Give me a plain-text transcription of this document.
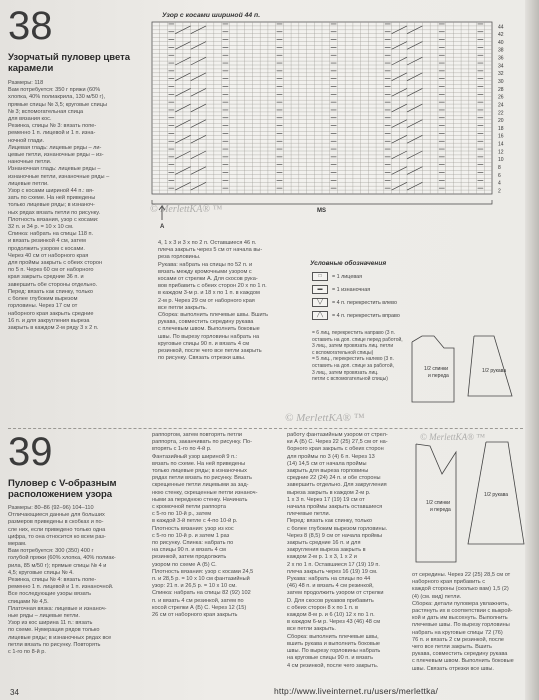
38
Узорчатый пуловер цвета
карамели
Размеры: 118
Вам потребуется: 350 г пряжи (60%
хлопка, 40% полиакрила, 130 м/50 г),
прямые спицы № 3,5; круговые спицы
№ 3; вспомогательная спица
для вязания кос.
Резинка, спицы № 3: вязать попе-
ременно 1 п. лицевой и 1 п. изна-
ночной глади.
Лицевая гладь: лицевые ряды – ли-
цевые петли, изнаночные ряды – из-
наночные петли.
Изнаночная гладь: лицевые ряды –
изнаночные петли, изнаночные ряды –
лицевые петли.
Узор с косами шириной 44 п.: вя-
зать по схеме. На ней приведены
только лицевые ряды; в изнаноч-
ных рядах вязать петли по рисунку.
Плотность вязания, узор с косами:
32 п. и 34 р. = 10 х 10 см.
Спинка: набрать на спицы 118 п.
и вязать резинкой 4 см, затем
продолжить узором с косами.
Через 40 см от наборного края
для проймы закрыть с обеих сторон
по 5 п. Через 60 см от наборного
края закрыть средние 36 п. и
завершить обе стороны отдельно.
Перед: вязать как спинку, только
с более глубоким вырезом
горловины. Через 17 см от
наборного края закрыть средние
16 п. и для закругления выреза
закрыть в каждом 2-м ряду 3 х 2 п.
Узор с косами шириной 44 п.
44
42
40
38
36
34
32
30
28
26
24
22
20
18
16
14
12
10
8
6
4
2
MS
A
© MerlettKA® ™
4, 1 х 3 и 3 х по 2 п. Оставшиеся 46 п.
плеча закрыть через 5 см от начала вы-
реза горловины.
Рукава: набрать на спицы по 52 п. и
вязать между кромочными узором с
косами от стрелки А. Для скосов рука-
вов прибавить с обеих сторон 20 х по 1 п.
в каждом 3-м р. и 18 х по 1 п. в каждом
2-м р. Через 29 см от наборного края
все петли закрыть.
Сборка: выполнить плечевые швы. Вшить
рукава, совместить середину рукава
с плечевым швом. Выполнить боковые
швы. По вырезу горловины набрать на
круговые спицы 90 п. и вязать 4 см
резинкой, после чего все петли закрыть
по рисунку. Связать отрезки швы.
Условные обозначения
□	= 1 лицевая
▬	= 1 изнаночная
╲╱	= 4 п. перекрестить влево
╱╲	= 4 п. перекрестить вправо
= 6 лиц, перекрестить направо (3 п.
оставить на доп. спице перед работой,
3 лиц., затем провязать лиц. петли
с вспомогательной спицы)
= 5 лиц., перекрестить налево (3 п.
оставить на доп. спице за работой,
3 лиц., затем провязать лиц.
петли с вспомогательной спицы)
1/2 спинки
и переда
1/2 рукава
© MerlettKA® ™
39
Пуловер с V-образным
расположением узора
Размеры: 80–86 (92–96) 104–110
Отличающиеся данные для больших
размеров приведены в скобках и по-
сле них, если приведено только одна
цифра, то она относится ко всем раз-
мерам.
Вам потребуется: 300 (350) 400 г
голубой пряжи (60% хлопка, 40% полиак-
рила, 85 м/50 г); прямые спицы № 4 и
4,5; круговые спицы № 4.
Резинка, спицы № 4: вязать попе-
ременно 1 п. лицевой и 1 п. изнаночной.
Все последующие узоры вязать
спицами № 4,5.
Платочная вязка: лицевые и изнаноч-
ные ряды – лицевые петли.
Узор из кос ширина 11 п.: вязать
по схеме. Нумерация рядов только
лицевые ряды; в изнаночных рядах все
петли вязать по рисунку. Повторять
с 1-го по 8-й р.
раппортом, затем повторять петли
раппорта, заканчивать по рисунку. По-
вторять с 1-го по 4-й р.
Фантазийный узор шириной 9 п.:
вязать по схеме. На ней приведены
только лицевые ряды; в изнаночных
рядах петли вязать по рисунку. Вязать
скрещенные петли лицевыми за зад-
нюю стенку, скрещенные петли изнаноч-
ными за переднюю стенку. Начинать
с кромочной петли раппорта
с 5-го по 10-й р., затем
в каждой 3-й петле с 4-по 10-й р.
Плотность вязания: узор из кос
с 5-го по 10-й р. и затем 1 раз
по рисунку. Спинка: набрать по
на спицы 90 п. и вязать 4 см
резинкой, затем продолжить
узором по схеме А (Б) С.
Плотность вязания: узор с косами 24,5
п. и 28,5 р. = 10 х 10 см фантазийный
узор: 21 п. и 26,5 р. = 10 х 10 см.
Спинка: набрать на спицы 82 (92) 102
п. и вязать 4 см резинкой, затем по
косой стрелки А (Б) С. Через 12 (15)
26 см от наборного края закрыть
работу фантазийным узором от стрел-
ки А (Б) С. Через 22 (25) 27,5 см от на-
борного края закрыть с обеих сторон
для проймы по 3 (4) 6 п. Через 13
(14) 14,5 см от начала проймы
закрыть для выреза горловины
средние 22 (24) 24 п. и обе стороны
завершить отдельно. Для закругления
выреза закрыть в каждом 2-м р.
1 х 3 п. Через 17 (19) 19 см от
начала проймы закрыть оставшиеся
плечевые петли.
Перед: вязать как спинку, только
с более глубоким вырезом горловины.
Через 8 (8,5) 9 см от начала проймы
закрыть средние 16 п. и для
закругления выреза закрыть в
каждом 2-м р. 1 х 3, 1 х 2 и
2 х по 1 п. Оставшиеся 17 (19) 19 п.
плеча закрыть через 16 (19) 19 см.
Рукава: набрать на спицы по 44
(46) 48 п. и вязать 4 см резинкой,
затем продолжить узором от стрелки
D. Для скосов рукавов прибавить
с обеих сторон 8 х по 1 п. в
каждом 8-м р. и 6 (10) 12 х по 1 п.
в каждом 6-м р. Через 43 (46) 48 см
все петли закрыть.
Сборка: выполнить плечевые швы,
вшить рукава и выполнить боковые
швы. По вырезу горловины набрать
на круговые спицы 90 п. и вязать
4 см резинкой, после чего закрыть.
1/2 спинки
и переда
1/2 рукава
от середины. Через 22 (25) 28,5 см от
наборного края прибавить с
каждой стороны (сколько вам) 1,5 (2)
(4) (см. вид) петли.
Сборка: детали пуловера увлажнить,
растянуть их в соответствии с выкрой-
кой и дать им высохнуть. Выполнить
плечевые швы. По вырезу горловины
набрать на круговые спицы 72 (76)
76 п. и вязать 2 см резинкой, после
чего все петли закрыть. Вшить
рукава, совместить середину рукава
с плечевым швом. Выполнить боковые
швы. Связать отрезки все швы.
© MerlettKA® ™
34	http://www.liveinternet.ru/users/merlettka/
